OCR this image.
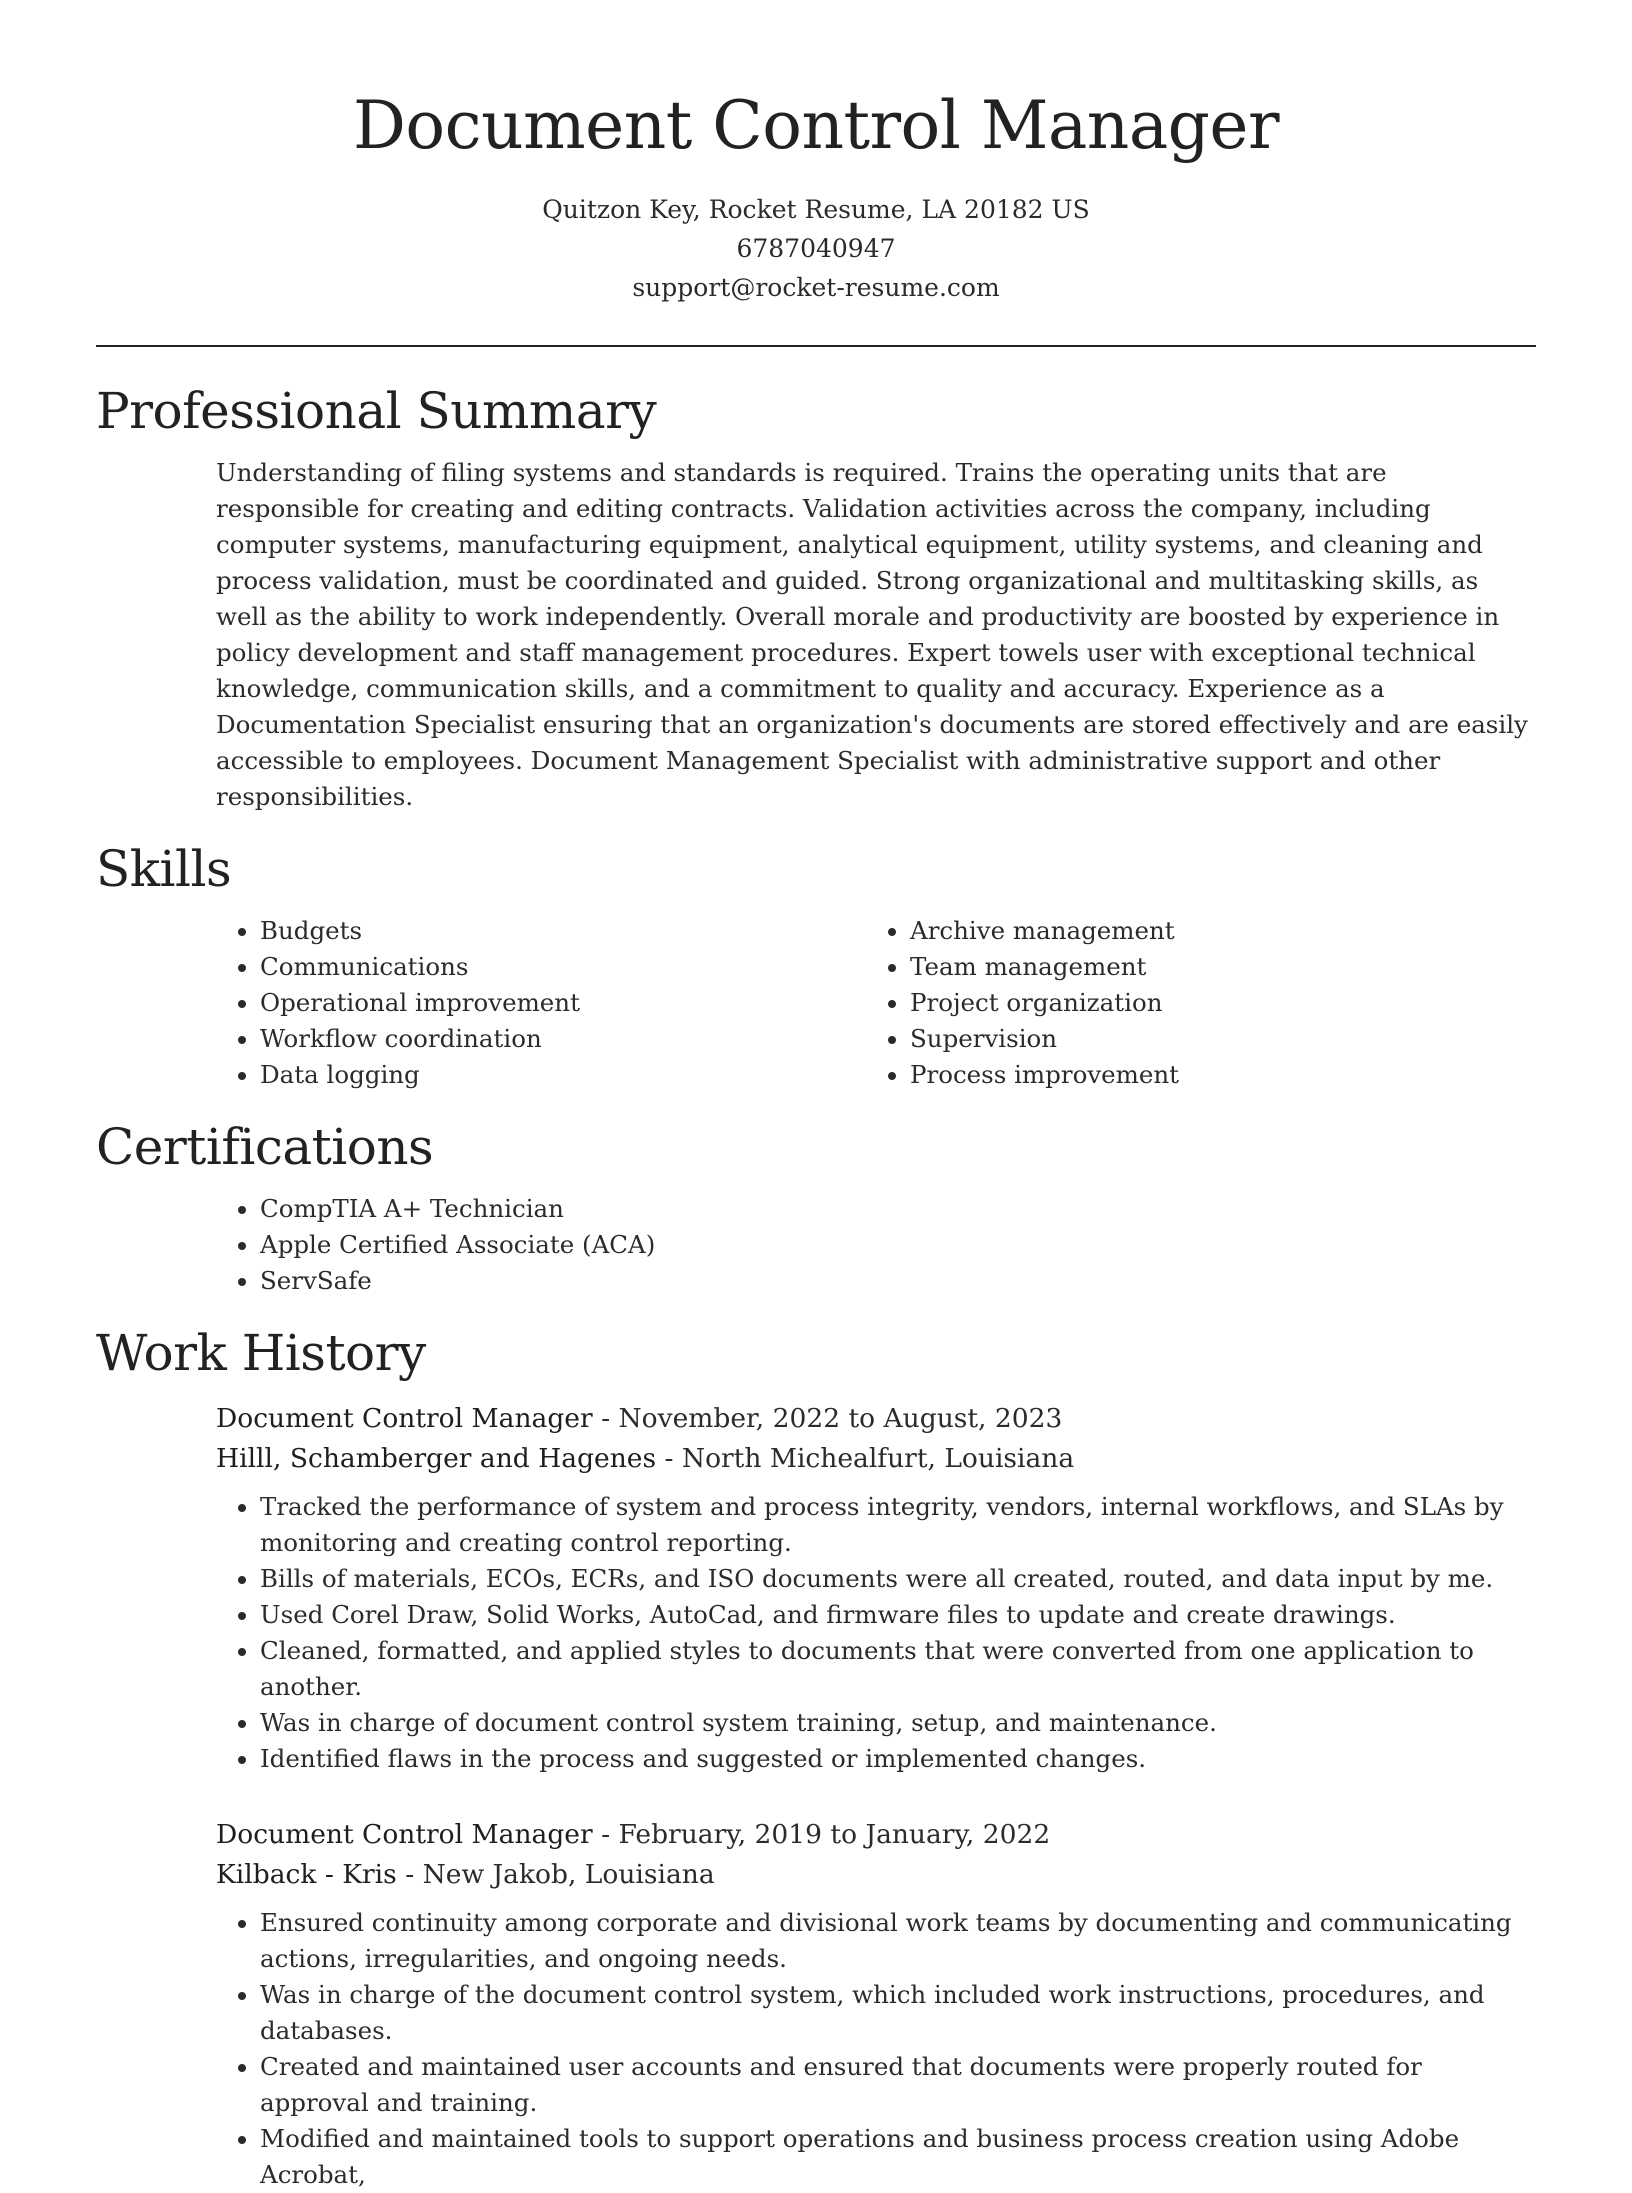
Document Control Manager
Quitzon Key, Rocket Resume, LA 20182 US
6787040947
support@rocket-resume.com
Professional Summary
Understanding of filing systems and standards is required. Trains the operating units that are responsible for creating and editing contracts. Validation activities across the company, including computer systems, manufacturing equipment, analytical equipment, utility systems, and cleaning and process validation, must be coordinated and guided. Strong organizational and multitasking skills, as well as the ability to work independently. Overall morale and productivity are boosted by experience in policy development and staff management procedures. Expert towels user with exceptional technical knowledge, communication skills, and a commitment to quality and accuracy. Experience as a Documentation Specialist ensuring that an organization's documents are stored effectively and are easily accessible to employees. Document Management Specialist with administrative support and other responsibilities.
Skills
• Budgets
• Communications
• Operational improvement
• Workflow coordination
• Data logging
• Archive management
• Team management
• Project organization
• Supervision
• Process improvement
Certifications
• CompTIA A+ Technician
• Apple Certified Associate (ACA)
• ServSafe
Work History
Document Control Manager - November, 2022 to August, 2023
Hilll, Schamberger and Hagenes - North Michealfurt, Louisiana
• Tracked the performance of system and process integrity, vendors, internal workflows, and SLAs by monitoring and creating control reporting.
• Bills of materials, ECOs, ECRs, and ISO documents were all created, routed, and data input by me.
• Used Corel Draw, Solid Works, AutoCad, and firmware files to update and create drawings.
• Cleaned, formatted, and applied styles to documents that were converted from one application to another.
• Was in charge of document control system training, setup, and maintenance.
• Identified flaws in the process and suggested or implemented changes.
Document Control Manager - February, 2019 to January, 2022
Kilback - Kris - New Jakob, Louisiana
• Ensured continuity among corporate and divisional work teams by documenting and communicating actions, irregularities, and ongoing needs.
• Was in charge of the document control system, which included work instructions, procedures, and databases.
• Created and maintained user accounts and ensured that documents were properly routed for approval and training.
• Modified and maintained tools to support operations and business process creation using Adobe Acrobat,
